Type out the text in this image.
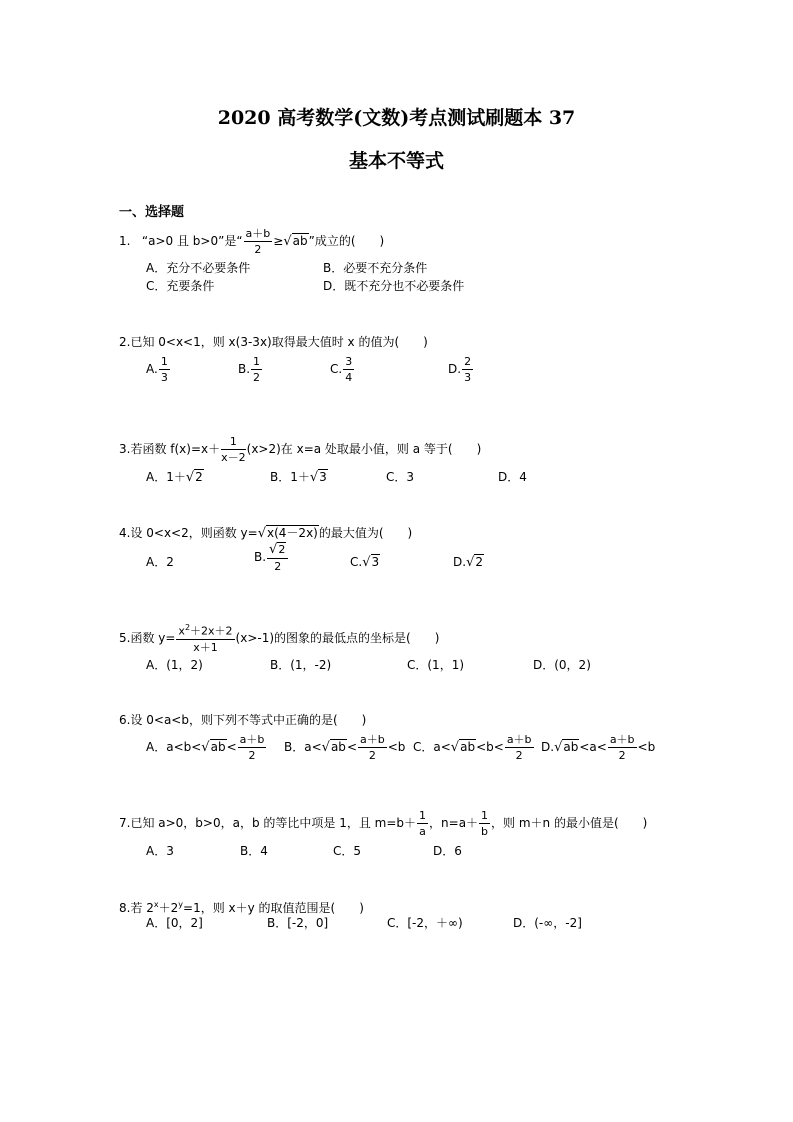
2020 高考数学(文数)考点测试刷题本 37
基本不等式
一、选择题
1. “a>0 且 b>0”是“ $\frac{a+b}{2} \ge√ab$”成立的(　　)
A．充分不必要条件	B．必要不充分条件
C．充要条件	D．既不充分也不必要条件
2.已知 0<x<1，则 x(3-3x)取得最大值时 x 的值为(　　)
A. $\frac{1}{3}$	B. $\frac{1}{2}$	C. $\frac{3}{4}$	D. $\frac{2}{3}$
3.若函数 $f(x)=x+ \frac{1}{x-2} (x>2)$在 x=a 处取最小值，则 a 等于(　　)
A．1＋√2	B．1＋√3	C．3	D．4
4.设 0<x<2，则函数 y=√x(4－2x)的最大值为(　　)
A．2	B. $\frac{√2}{2}$	C.√3	D.√2
5.函数 $y= \frac{x^2+2x+2}{x+1} (x>-1)$的图象的最低点的坐标是(　　)
A．(1，2)	B．(1，-2)	C．(1，1)	D．(0，2)
6.设 0<a<b，则下列不等式中正确的是(　　)
A．$a<b<√ab< \frac{a+b}{2}$ B．$a<√ab< \frac{a+b}{2} <b$ C．$a<√ab<b< \frac{a+b}{2} D.√ab<a< \frac{a+b}{2} <b$
7.已知 a>0，b>0，a，b 的等比中项是 1，且 $m=b+ \frac{1}{a}$ ，$n=a+ \frac{1}{b}$ ，则 m＋n 的最小值是(　　)
A．3	B．4	C．5	D．6
8.若 $2^x+2^y=1$，则 x＋y 的取值范围是(　　)
A．[0，2]	B．[-2，0]	C．[-2，＋∞)	D．(-∞，-2]
